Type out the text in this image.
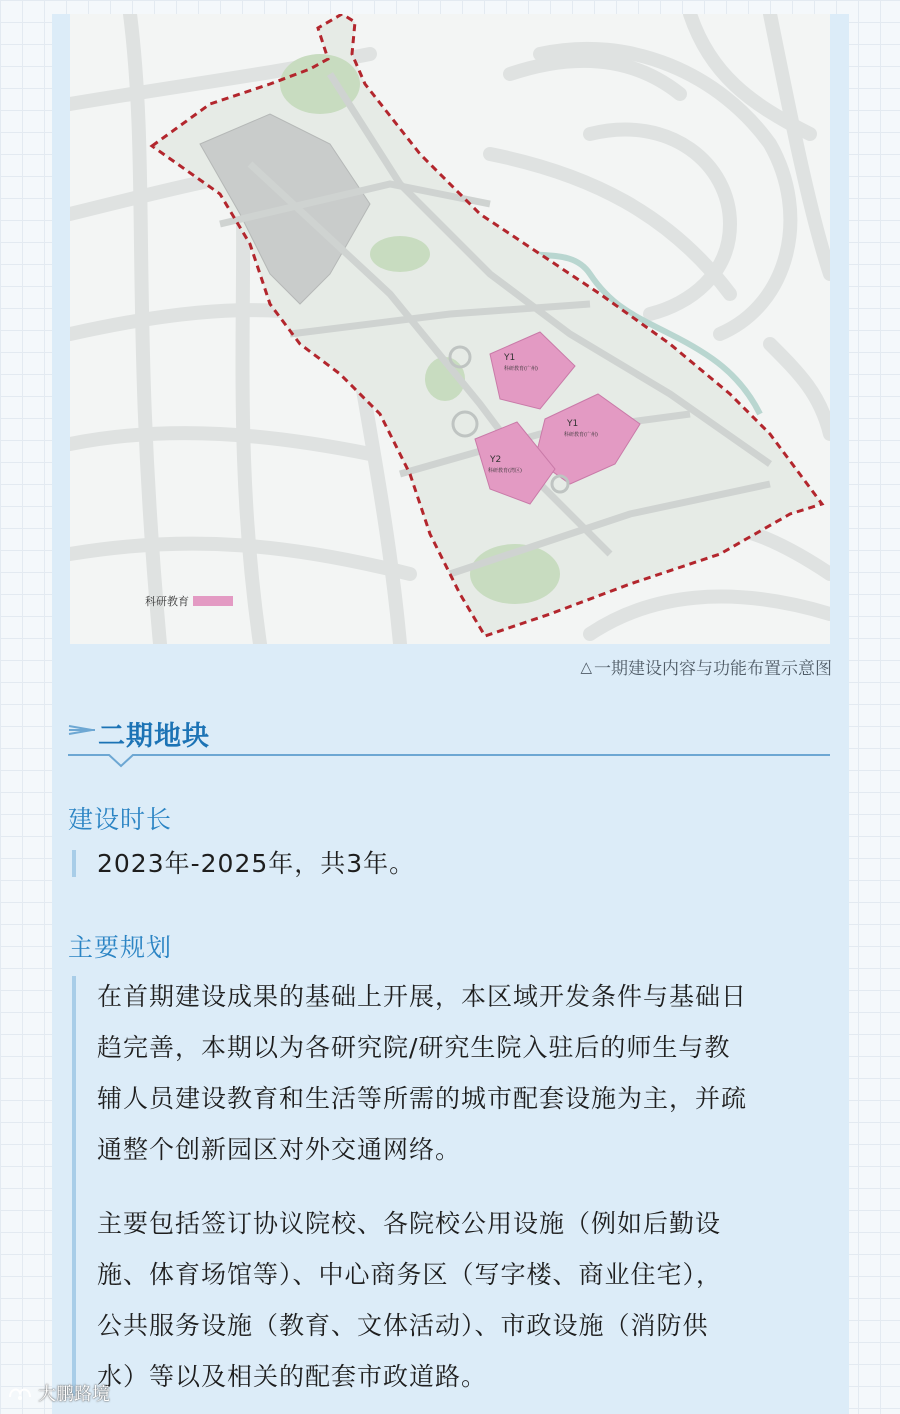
Y1
科研教育(广州)
Y1
科研教育(广州)
Y2
科研教育(湾区)
科研教育
△ 一期建设内容与功能布置示意图
二期地块
建设时长

2023年-2025年，共3年。

主要规划

在首期建设成果的基础上开展，本区域开发条件与基础日

趋完善，本期以为各研究院/研究生院入驻后的师生与教

辅人员建设教育和生活等所需的城市配套设施为主，并疏

通整个创新园区对外交通网络。

主要包括签订协议院校、各院校公用设施（例如后勤设

施、体育场馆等）、中心商务区（写字楼、商业住宅），

公共服务设施（教育、文体活动）、市政设施（消防供

水）等以及相关的配套市政道路。

大鹏路境
